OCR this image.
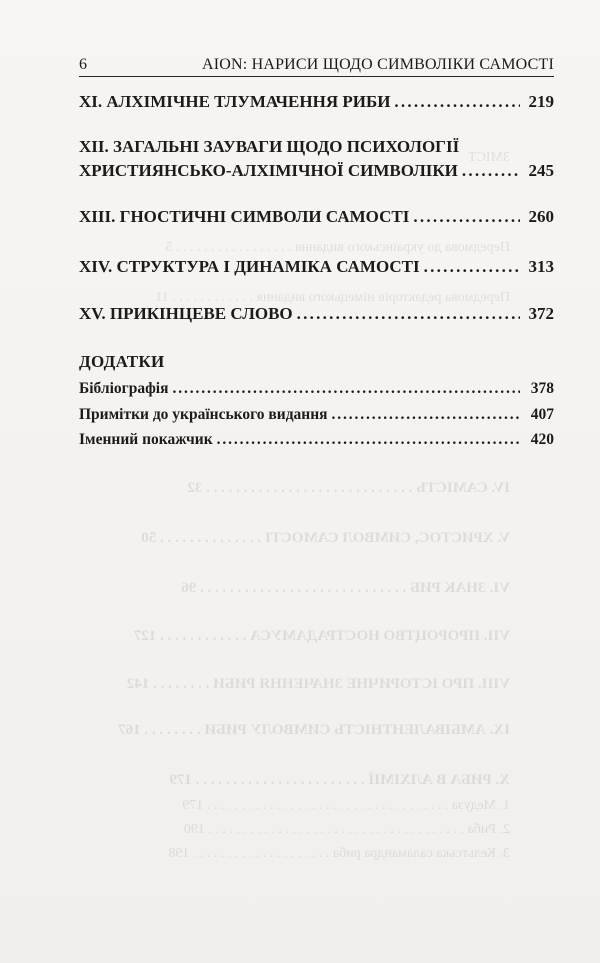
IV. САМІСТЬ . . . . . . . . . . . . . . . . . . . . . . . . . . . . 32
V. ХРИСТОС, СИМВОЛ САМОСТІ . . . . . . . . . . . . . . 50
VI. ЗНАК РИБ . . . . . . . . . . . . . . . . . . . . . . . . . . . . 96
VII. ПРОРОЦТВО НОСТРАДАМУСА . . . . . . . . . . . . 127
VIII. ПРО ІСТОРИЧНЕ ЗНАЧЕННЯ РИБИ . . . . . . . . 142
IX. АМБІВАЛЕНТНІСТЬ СИМВОЛУ РИБИ . . . . . . . . 167
X. РИБА В АЛХІМІЇ . . . . . . . . . . . . . . . . . . . . . . . 179
1. Медуза . . . . . . . . . . . . . . . . . . . . . . . . . . . . . . . . . . . 179
2. Риба . . . . . . . . . . . . . . . . . . . . . . . . . . . . . . . . . . . . . 190
3. Кельтська саламандра риба . . . . . . . . . . . . . . . . . . . . 198
ЗМІСТ
Передмова до українського видання . . . . . . . . . . . . . . . . . 5
Передмова редакторів німецького видання . . . . . . . . . . . . 11
6	AION: НАРИСИ ЩОДО СИМВОЛІКИ САМОСТІ
XI. АЛХІМІЧНЕ ТЛУМАЧЕННЯ РИБИ . . .	219
XII. ЗАГАЛЬНІ ЗАУВАГИ ЩОДО ПСИХОЛОГІЇ
ХРИСТИЯНСЬКО-АЛХІМІЧНОЇ СИМВОЛІКИ . . .	245
XIII. ГНОСТИЧНІ СИМВОЛИ САМОСТІ . . .	260
XIV. СТРУКТУРА І ДИНАМІКА САМОСТІ . . .	313
XV. ПРИКІНЦЕВЕ СЛОВО . . .	372
ДОДАТКИ
Бібліографія . . .	378
Примітки до українського видання . . .	407
Іменний покажчик . . .	420
